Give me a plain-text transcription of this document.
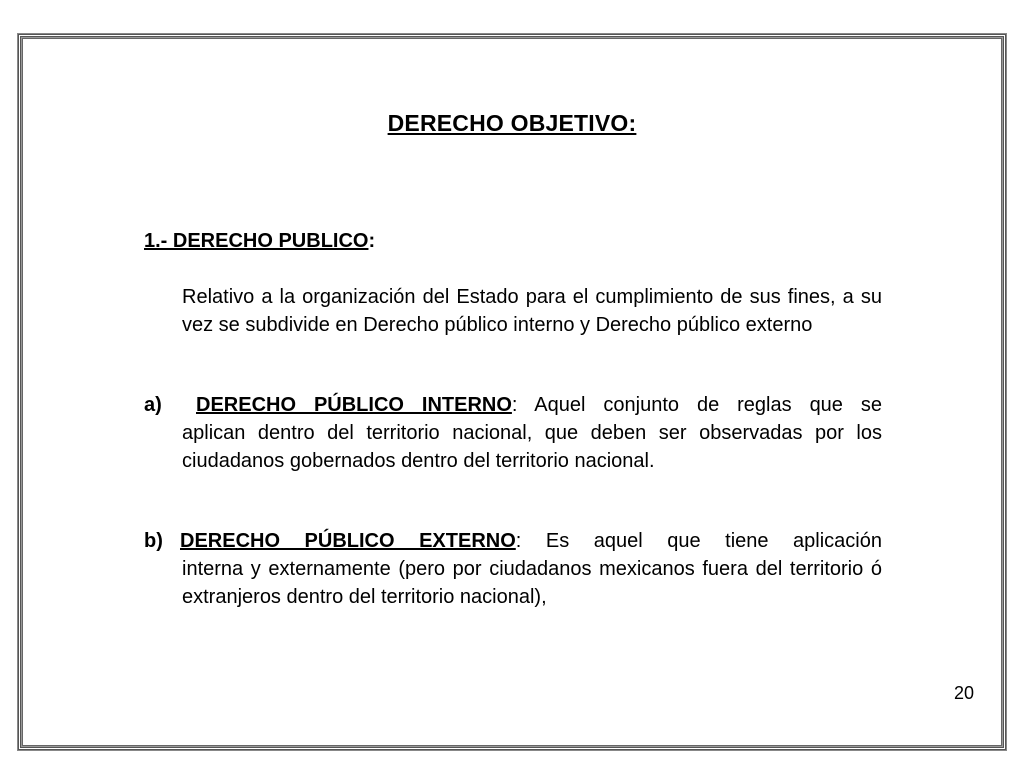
DERECHO OBJETIVO:
1.- DERECHO PUBLICO:
Relativo a la organización del Estado para el cumplimiento de sus fines, a su vez se subdivide en Derecho público interno y Derecho público externo
a)	DERECHO PÚBLICO INTERNO: Aquel conjunto de reglas que se
aplican dentro del territorio nacional, que deben ser observadas por los ciudadanos gobernados dentro del territorio nacional.
b) DERECHO PÚBLICO EXTERNO: Es aquel que tiene aplicación
interna y externamente (pero por ciudadanos mexicanos fuera del territorio ó extranjeros dentro del territorio nacional),
20
